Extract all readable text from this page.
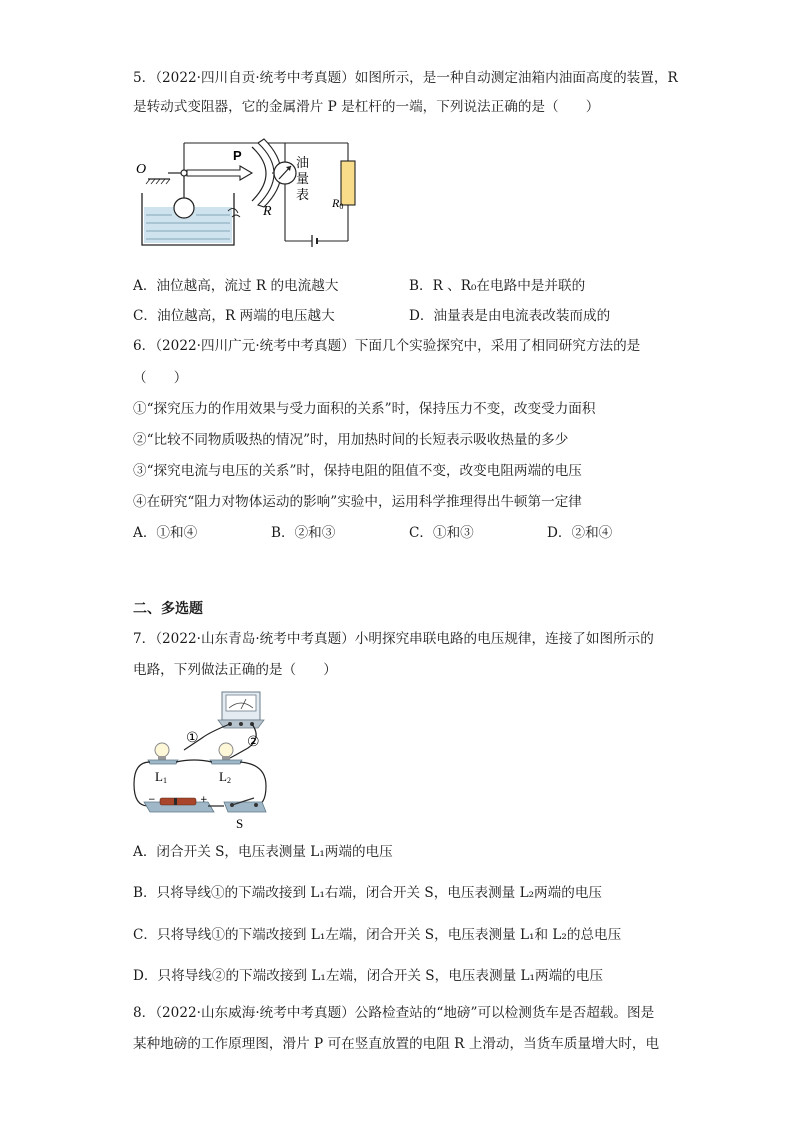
5．（2022·四川自贡·统考中考真题）如图所示，是一种自动测定油箱内油面高度的装置，R
是转动式变阻器，它的金属滑片 P 是杠杆的一端，下列说法正确的是（　　）
O
P
R
油
量
表 R0
A．油位越高，流过 R 的电流越大	B．R 、R₀在电路中是并联的
C．油位越高，R 两端的电压越大	D．油量表是由电流表改装而成的
6．（2022·四川广元·统考中考真题）下面几个实验探究中，采用了相同研究方法的是
（　　）
①“探究压力的作用效果与受力面积的关系”时，保持压力不变，改变受力面积
②“比较不同物质吸热的情况”时，用加热时间的长短表示吸收热量的多少
③“探究电流与电压的关系”时，保持电阻的阻值不变，改变电阻两端的电压
④在研究“阻力对物体运动的影响”实验中，运用科学推理得出牛顿第一定律
A．①和④	B．②和③	C．①和③	D．②和④
二、多选题
7．（2022·山东青岛·统考中考真题）小明探究串联电路的电压规律，连接了如图所示的
电路，下列做法正确的是（　　）
①	②
L1	L2
−	+
S
A．闭合开关 S，电压表测量 L₁两端的电压
B．只将导线①的下端改接到 L₁右端，闭合开关 S，电压表测量 L₂两端的电压
C．只将导线①的下端改接到 L₁左端，闭合开关 S，电压表测量 L₁和 L₂的总电压
D．只将导线②的下端改接到 L₁左端，闭合开关 S，电压表测量 L₁两端的电压
8．（2022·山东威海·统考中考真题）公路检查站的“地磅”可以检测货车是否超载。图是
某种地磅的工作原理图，滑片 P 可在竖直放置的电阻 R 上滑动，当货车质量增大时，电
